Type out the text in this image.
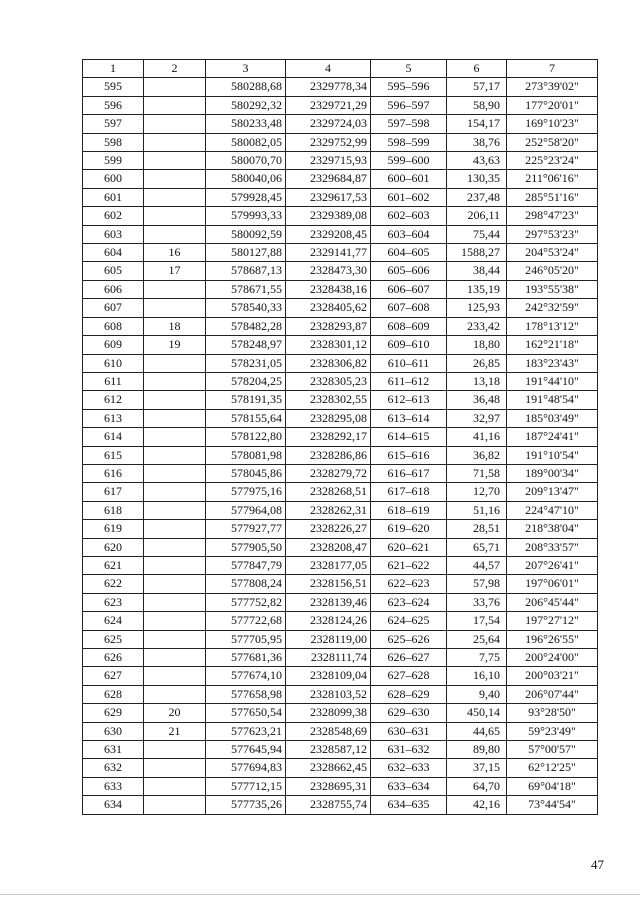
1	2	3	4	5	6	7
595		580288,68	2329778,34	595–596	57,17	273°39'02"
596		580292,32	2329721,29	596–597	58,90	177°20'01"
597		580233,48	2329724,03	597–598	154,17	169°10'23"
598		580082,05	2329752,99	598–599	38,76	252°58'20"
599		580070,70	2329715,93	599–600	43,63	225°23'24"
600		580040,06	2329684,87	600–601	130,35	211°06'16"
601		579928,45	2329617,53	601–602	237,48	285°51'16"
602		579993,33	2329389,08	602–603	206,11	298°47'23"
603		580092,59	2329208,45	603–604	75,44	297°53'23"
604	16	580127,88	2329141,77	604–605	1588,27	204°53'24"
605	17	578687,13	2328473,30	605–606	38,44	246°05'20"
606		578671,55	2328438,16	606–607	135,19	193°55'38"
607		578540,33	2328405,62	607–608	125,93	242°32'59"
608	18	578482,28	2328293,87	608–609	233,42	178°13'12"
609	19	578248,97	2328301,12	609–610	18,80	162°21'18"
610		578231,05	2328306,82	610–611	26,85	183°23'43"
611		578204,25	2328305,23	611–612	13,18	191°44'10"
612		578191,35	2328302,55	612–613	36,48	191°48'54"
613		578155,64	2328295,08	613–614	32,97	185°03'49"
614		578122,80	2328292,17	614–615	41,16	187°24'41"
615		578081,98	2328286,86	615–616	36,82	191°10'54"
616		578045,86	2328279,72	616–617	71,58	189°00'34"
617		577975,16	2328268,51	617–618	12,70	209°13'47"
618		577964,08	2328262,31	618–619	51,16	224°47'10"
619		577927,77	2328226,27	619–620	28,51	218°38'04"
620		577905,50	2328208,47	620–621	65,71	208°33'57"
621		577847,79	2328177,05	621–622	44,57	207°26'41"
622		577808,24	2328156,51	622–623	57,98	197°06'01"
623		577752,82	2328139,46	623–624	33,76	206°45'44"
624		577722,68	2328124,26	624–625	17,54	197°27'12"
625		577705,95	2328119,00	625–626	25,64	196°26'55"
626		577681,36	2328111,74	626–627	7,75	200°24'00"
627		577674,10	2328109,04	627–628	16,10	200°03'21"
628		577658,98	2328103,52	628–629	9,40	206°07'44"
629	20	577650,54	2328099,38	629–630	450,14	93°28'50"
630	21	577623,21	2328548,69	630–631	44,65	59°23'49"
631		577645,94	2328587,12	631–632	89,80	57°00'57"
632		577694,83	2328662,45	632–633	37,15	62°12'25"
633		577712,15	2328695,31	633–634	64,70	69°04'18"
634		577735,26	2328755,74	634–635	42,16	73°44'54"
47
